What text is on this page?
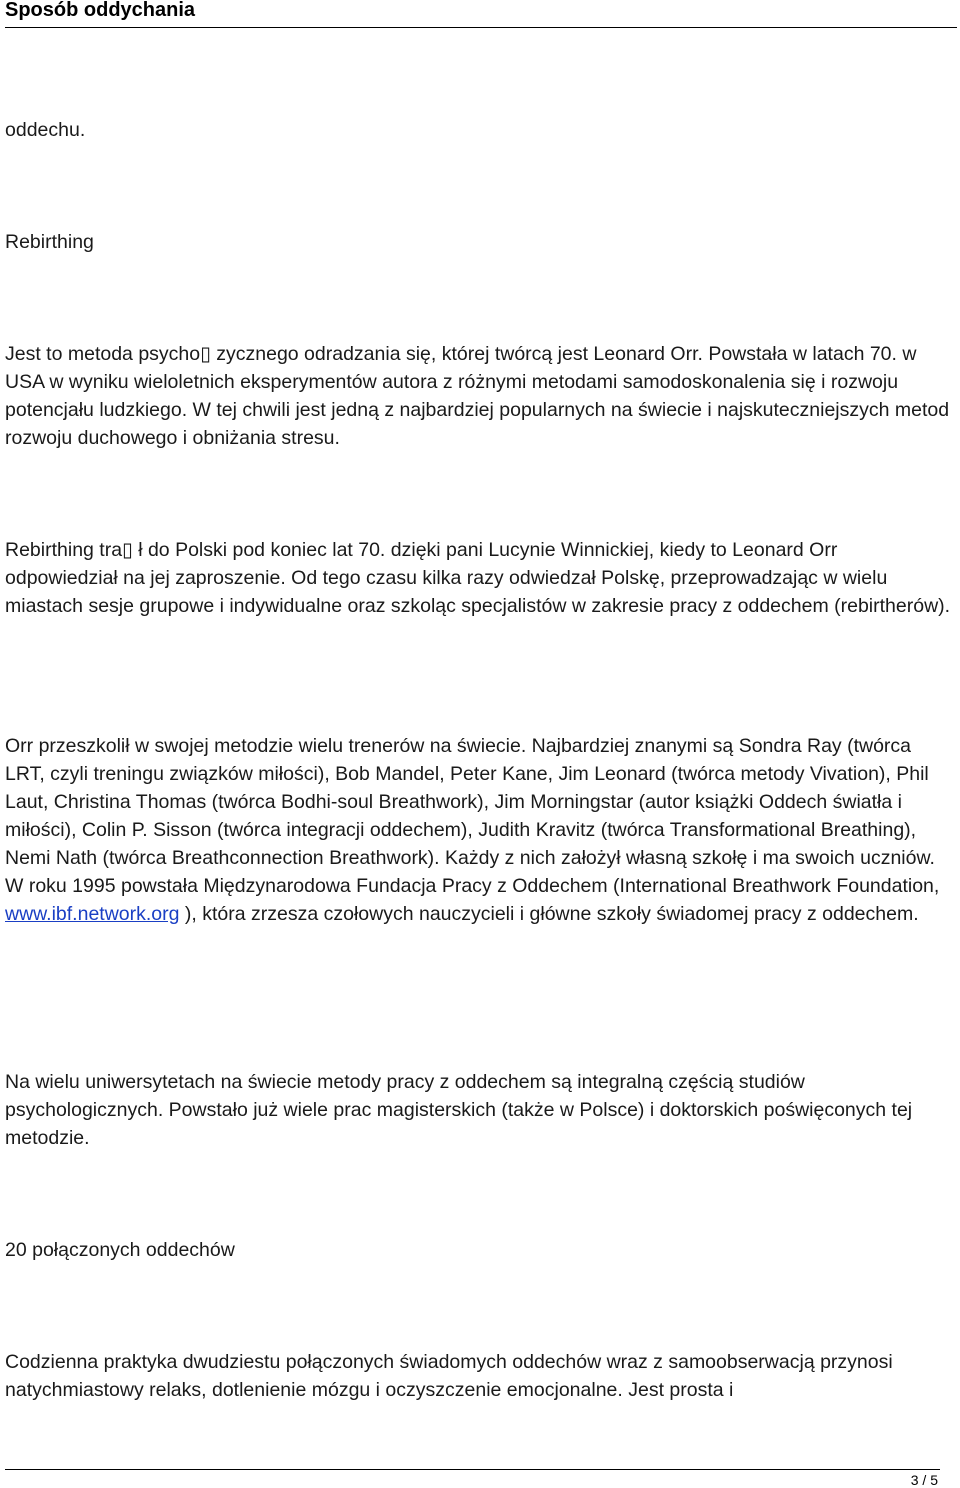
Sposób oddychania

oddechu.

Rebirthing

Jest to metoda psycho▯ zycznego odradzania się, której twórcą jest Leonard Orr. Powstała w latach 70. w USA w wyniku wieloletnich eksperymentów autora z różnymi metodami samodoskonalenia się i rozwoju potencjału ludzkiego. W tej chwili jest jedną z najbardziej popularnych na świecie i najskuteczniejszych metod rozwoju duchowego i obniżania stresu.

Rebirthing tra▯ ł do Polski pod koniec lat 70. dzięki pani Lucynie Winnickiej, kiedy to Leonard Orr odpowiedział na jej zaproszenie. Od tego czasu kilka razy odwiedzał Polskę, przeprowadzając w wielu miastach sesje grupowe i indywidualne oraz szkoląc specjalistów w zakresie pracy z oddechem (rebirtherów).

Orr przeszkolił w swojej metodzie wielu trenerów na świecie. Najbardziej znanymi są Sondra Ray (twórca LRT, czyli treningu związków miłości), Bob Mandel, Peter Kane, Jim Leonard (twórca metody Vivation), Phil Laut, Christina Thomas (twórca Bodhi-soul Breathwork), Jim Morningstar (autor książki Oddech światła i miłości), Colin P. Sisson (twórca integracji oddechem), Judith Kravitz (twórca Transformational Breathing), Nemi Nath (twórca Breathconnection Breathwork). Każdy z nich założył własną szkołę i ma swoich uczniów. W roku 1995 powstała Międzynarodowa Fundacja Pracy z Oddechem (International Breathwork Foundation, www.ibf.network.org ), która zrzesza czołowych nauczycieli i główne szkoły świadomej pracy z oddechem.

Na wielu uniwersytetach na świecie metody pracy z oddechem są integralną częścią studiów psychologicznych. Powstało już wiele prac magisterskich (także w Polsce) i doktorskich poświęconych tej metodzie.

20 połączonych oddechów

Codzienna praktyka dwudziestu połączonych świadomych oddechów wraz z samoobserwacją przynosi natychmiastowy relaks, dotlenienie mózgu i oczyszczenie emocjonalne. Jest prosta i

3 / 5
